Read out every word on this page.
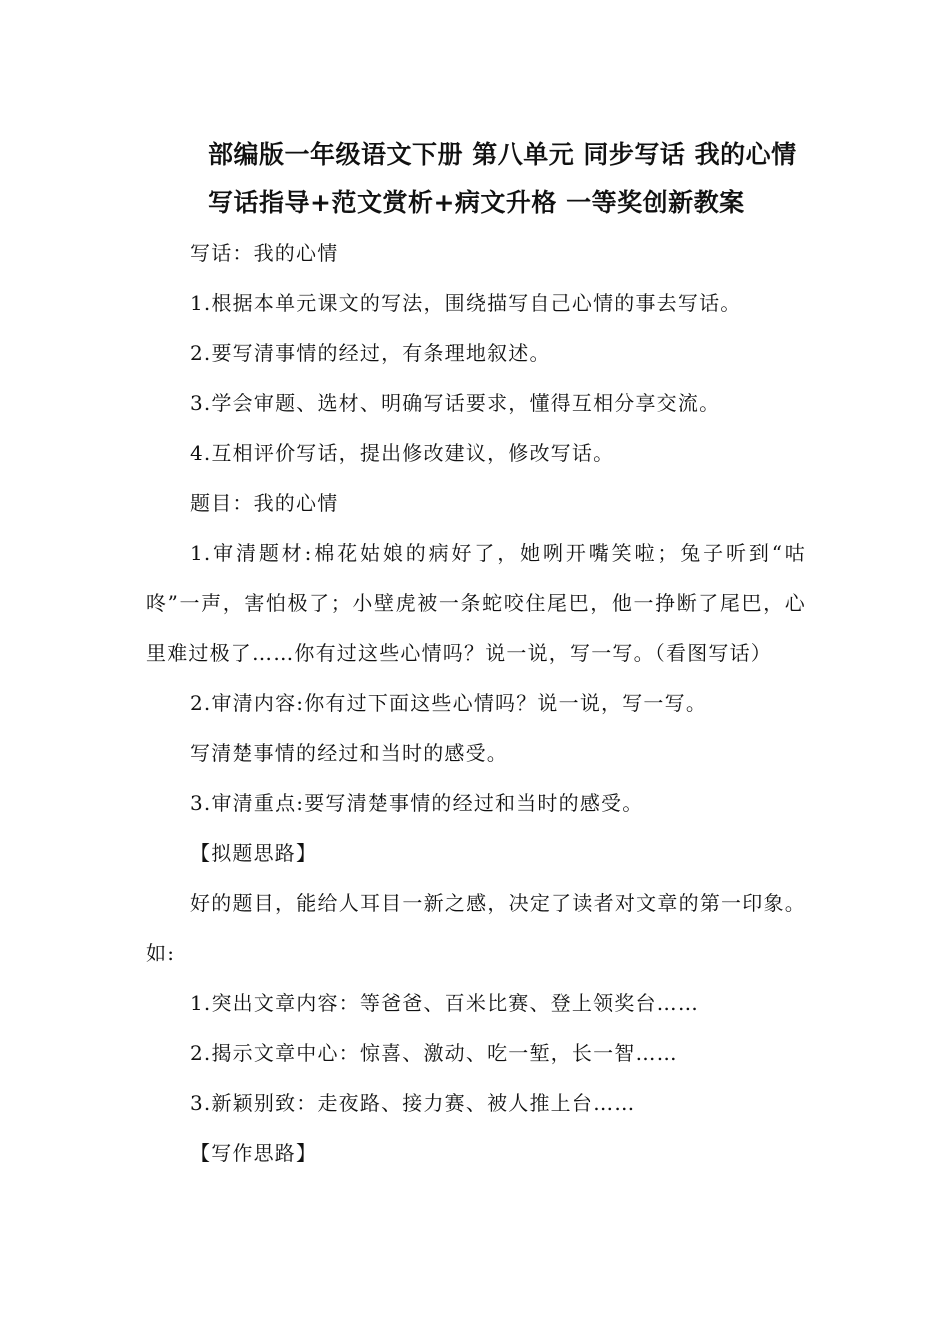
部编版一年级语文下册 第八单元 同步写话 我的心情
写话指导+范文赏析+病文升格 一等奖创新教案

写话：我的心情

1.根据本单元课文的写法，围绕描写自己心情的事去写话。

2.要写清事情的经过，有条理地叙述。

3.学会审题、选材、明确写话要求，懂得互相分享交流。

4.互相评价写话，提出修改建议，修改写话。

题目：我的心情

1.审清题材:棉花姑娘的病好了，她咧开嘴笑啦；兔子听到“咕咚”一声，害怕极了；小壁虎被一条蛇咬住尾巴，他一挣断了尾巴，心里难过极了……你有过这些心情吗？说一说，写一写。（看图写话）

2.审清内容:你有过下面这些心情吗？说一说，写一写。

写清楚事情的经过和当时的感受。

3.审清重点:要写清楚事情的经过和当时的感受。

【拟题思路】

好的题目，能给人耳目一新之感，决定了读者对文章的第一印象。如:

1.突出文章内容：等爸爸、百米比赛、登上领奖台……

2.揭示文章中心：惊喜、激动、吃一堑，长一智……

3.新颖别致：走夜路、接力赛、被人推上台……

【写作思路】
